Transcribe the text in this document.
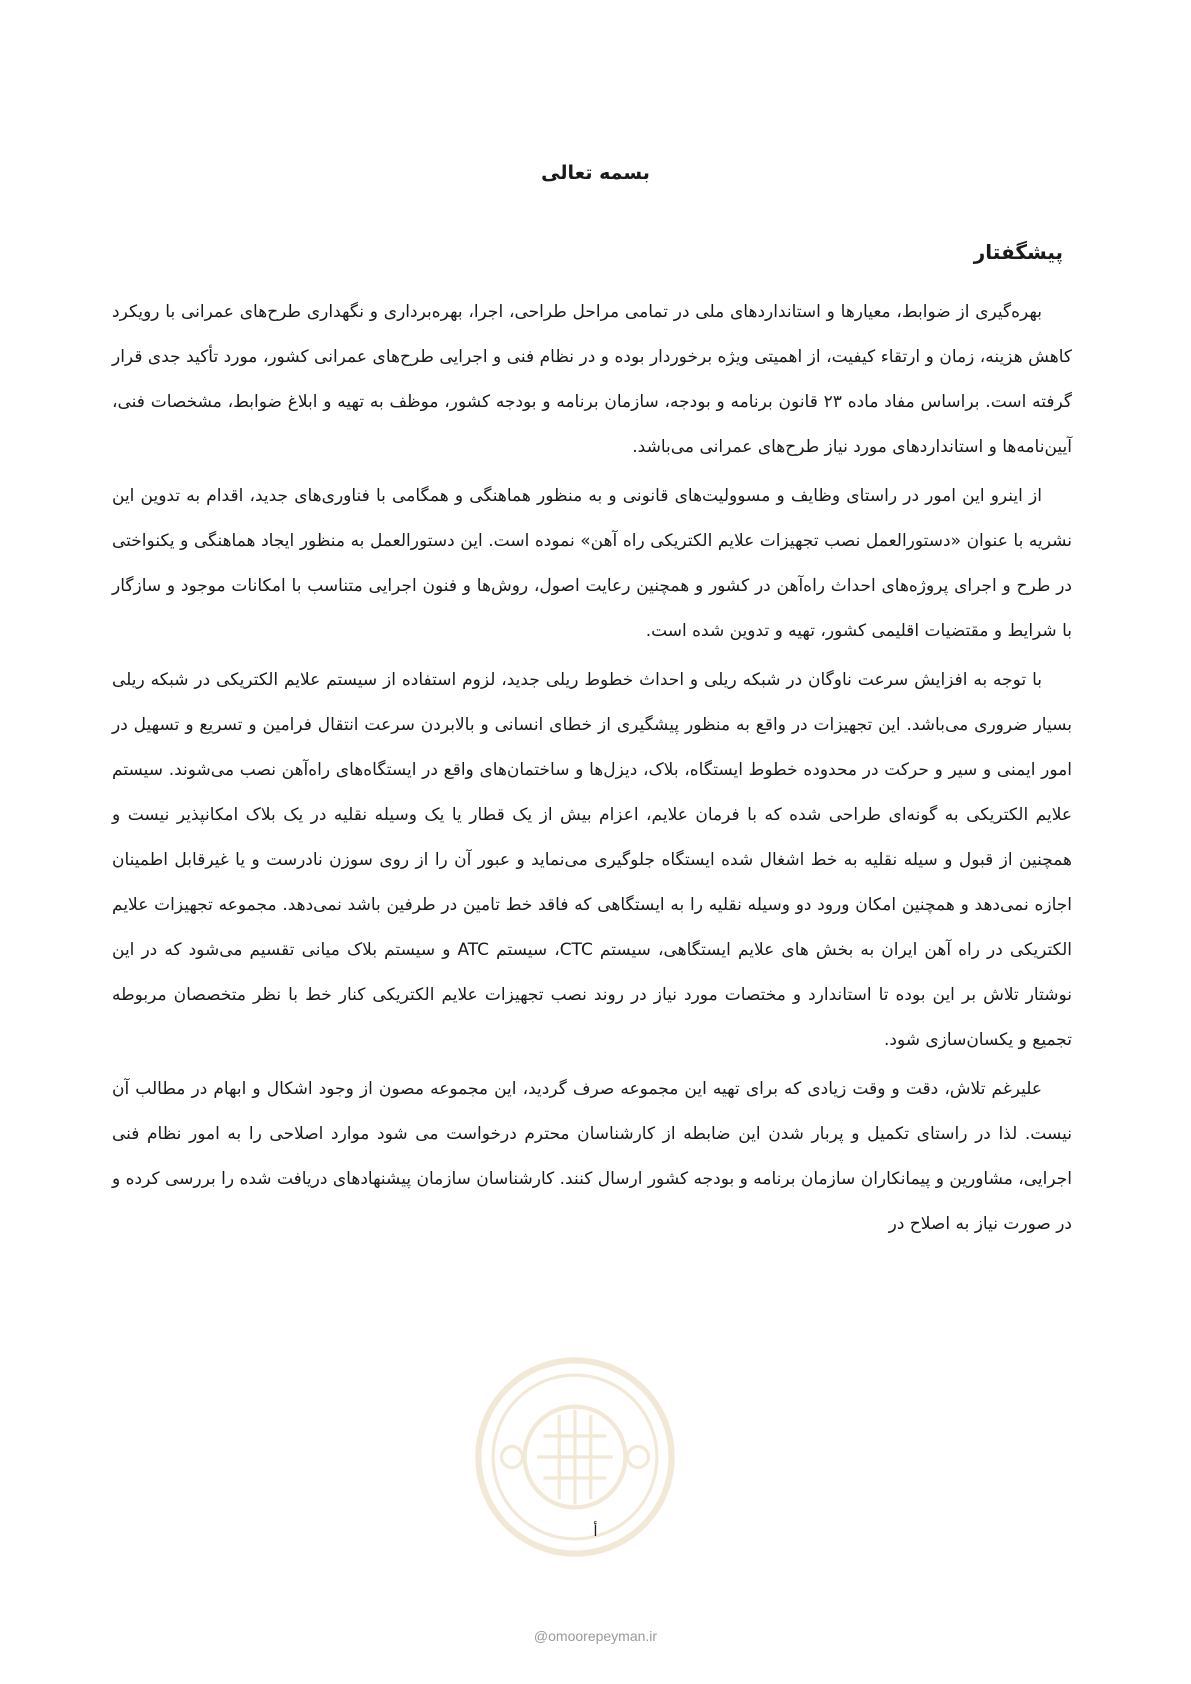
بسمه تعالی
پیشگفتار

بهره‌گیری از ضوابط، معیارها و استانداردهای ملی در تمامی مراحل طراحی، اجرا، بهره‌برداری و نگهداری طرح‌های عمرانی با رویکرد کاهش هزینه، زمان و ارتقاء کیفیت، از اهمیتی ویژه برخوردار بوده و در نظام فنی و اجرایی طرح‌های عمرانی کشور، مورد تأکید جدی قرار گرفته است. براساس مفاد ماده ۲۳ قانون برنامه و بودجه، سازمان برنامه و بودجه کشور، موظف به تهیه و ابلاغ ضوابط، مشخصات فنی، آیین‌نامه‌ها و استانداردهای مورد نیاز طرح‌های عمرانی می‌باشد.

از اینرو این امور در راستای وظایف و مسوولیت‌های قانونی و به منظور هماهنگی و همگامی با فناوری‌های جدید، اقدام به تدوین این نشریه با عنوان «دستورالعمل نصب تجهیزات علایم الکتریکی راه آهن» نموده است. این دستورالعمل به منظور ایجاد هماهنگی و یکنواختی در طرح و اجرای پروژه‌های احداث راه‌آهن در کشور و همچنین رعایت اصول، روش‌ها و فنون اجرایی متناسب با امکانات موجود و سازگار با شرایط و مقتضیات اقلیمی کشور، تهیه و تدوین شده است.

با توجه به افزایش سرعت ناوگان در شبکه ریلی و احداث خطوط ریلی جدید، لزوم استفاده از سیستم علایم الکتریکی در شبکه ریلی بسیار ضروری می‌باشد. این تجهیزات در واقع به منظور پیشگیری از خطای انسانی و بالابردن سرعت انتقال فرامین و تسریع و تسهیل در امور ایمنی و سیر و حرکت در محدوده خطوط ایستگاه، بلاک، دیزل‌ها و ساختمان‌های واقع در ایستگاه‌های راه‌آهن نصب می‌شوند. سیستم علایم الکتریکی به گونه‌ای طراحی شده که با فرمان علایم، اعزام بیش از یک قطار یا یک وسیله نقلیه در یک بلاک امکانپذیر نیست و همچنین از قبول و سیله نقلیه به خط اشغال شده ایستگاه جلوگیری می‌نماید و عبور آن را از روی سوزن نادرست و یا غیرقابل اطمینان اجازه نمی‌دهد و همچنین امکان ورود دو وسیله نقلیه را به ایستگاهی که فاقد خط تامین در طرفین باشد نمی‌دهد. مجموعه تجهیزات علایم الکتریکی در راه آهن ایران به بخش های علایم ایستگاهی، سیستم CTC، سیستم ATC و سیستم بلاک میانی تقسیم می‌شود که در این نوشتار تلاش بر این بوده تا استاندارد و مختصات مورد نیاز در روند نصب تجهیزات علایم الکتریکی کنار خط با نظر متخصصان مربوطه تجمیع و یکسان‌سازی شود.

علیرغم تلاش، دقت و وقت زیادی که برای تهیه این مجموعه صرف گردید، این مجموعه مصون از وجود اشکال و ابهام در مطالب آن نیست. لذا در راستای تکمیل و پربار شدن این ضابطه از کارشناسان محترم درخواست می شود موارد اصلاحی را به امور نظام فنی اجرایی، مشاورین و پیمانکاران سازمان برنامه و بودجه کشور ارسال کنند. کارشناسان سازمان پیشنهادهای دریافت شده را بررسی کرده و در صورت نیاز به اصلاح در

أ
@omoorepeyman.ir
